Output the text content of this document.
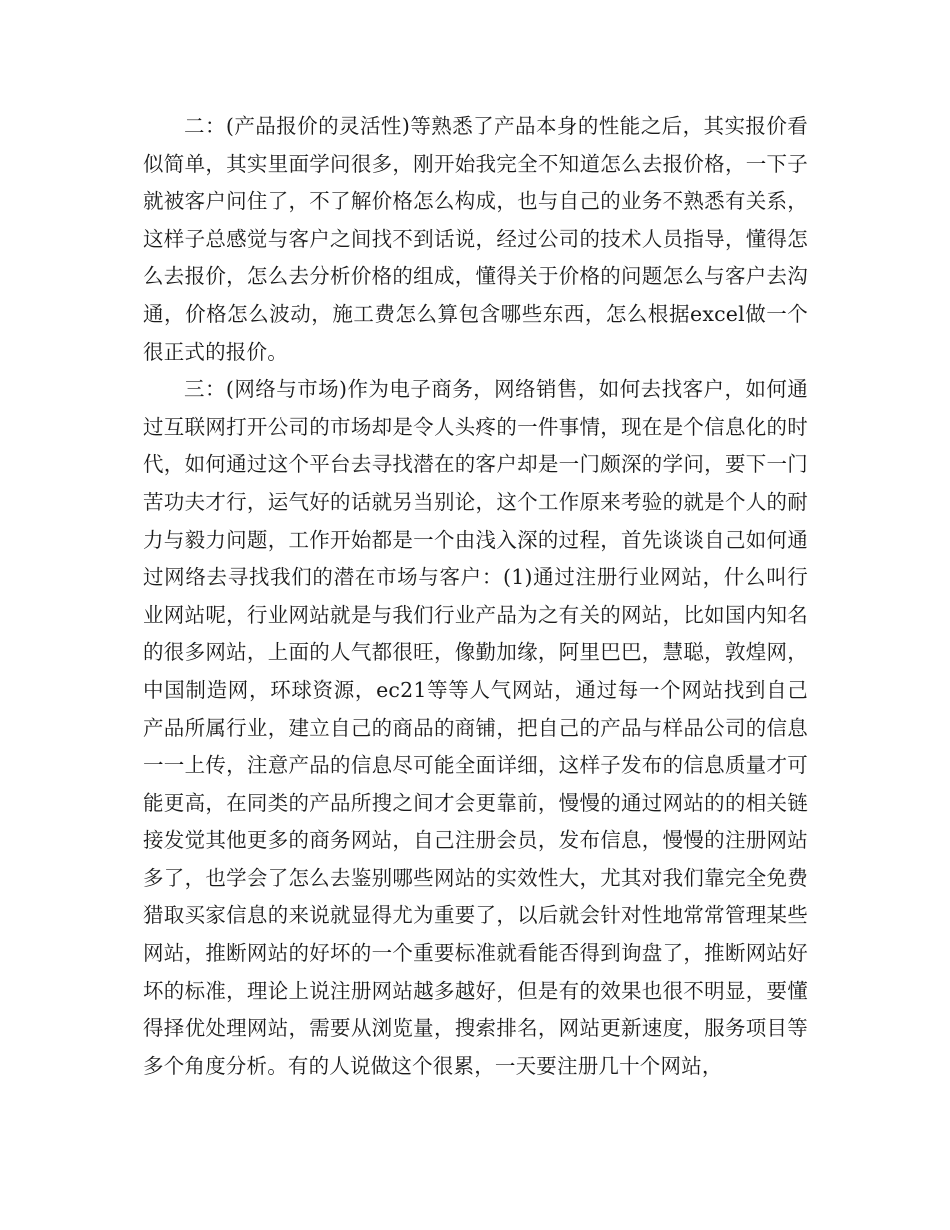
二：(产品报价的灵活性)等熟悉了产品本身的性能之后，其实报价看似简单，其实里面学问很多，刚开始我完全不知道怎么去报价格，一下子就被客户问住了，不了解价格怎么构成，也与自己的业务不熟悉有关系，这样子总感觉与客户之间找不到话说，经过公司的技术人员指导，懂得怎么去报价，怎么去分析价格的组成，懂得关于价格的问题怎么与客户去沟通，价格怎么波动，施工费怎么算包含哪些东西，怎么根据excel做一个很正式的报价。

三：(网络与市场)作为电子商务，网络销售，如何去找客户，如何通过互联网打开公司的市场却是令人头疼的一件事情，现在是个信息化的时代，如何通过这个平台去寻找潜在的客户却是一门颇深的学问，要下一门苦功夫才行，运气好的话就另当别论，这个工作原来考验的就是个人的耐力与毅力问题，工作开始都是一个由浅入深的过程，首先谈谈自己如何通过网络去寻找我们的潜在市场与客户：(1)通过注册行业网站，什么叫行业网站呢，行业网站就是与我们行业产品为之有关的网站，比如国内知名的很多网站，上面的人气都很旺，像勤加缘，阿里巴巴，慧聪，敦煌网，中国制造网，环球资源，ec21等等人气网站，通过每一个网站找到自己产品所属行业，建立自己的商品的商铺，把自己的产品与样品公司的信息一一上传，注意产品的信息尽可能全面详细，这样子发布的信息质量才可能更高，在同类的产品所搜之间才会更靠前，慢慢的通过网站的的相关链接发觉其他更多的商务网站，自己注册会员，发布信息，慢慢的注册网站多了，也学会了怎么去鉴别哪些网站的实效性大，尤其对我们靠完全免费猎取买家信息的来说就显得尤为重要了，以后就会针对性地常常管理某些网站，推断网站的好坏的一个重要标准就看能否得到询盘了，推断网站好坏的标准，理论上说注册网站越多越好，但是有的效果也很不明显，要懂得择优处理网站，需要从浏览量，搜索排名，网站更新速度，服务项目等多个角度分析。有的人说做这个很累，一天要注册几十个网站，
